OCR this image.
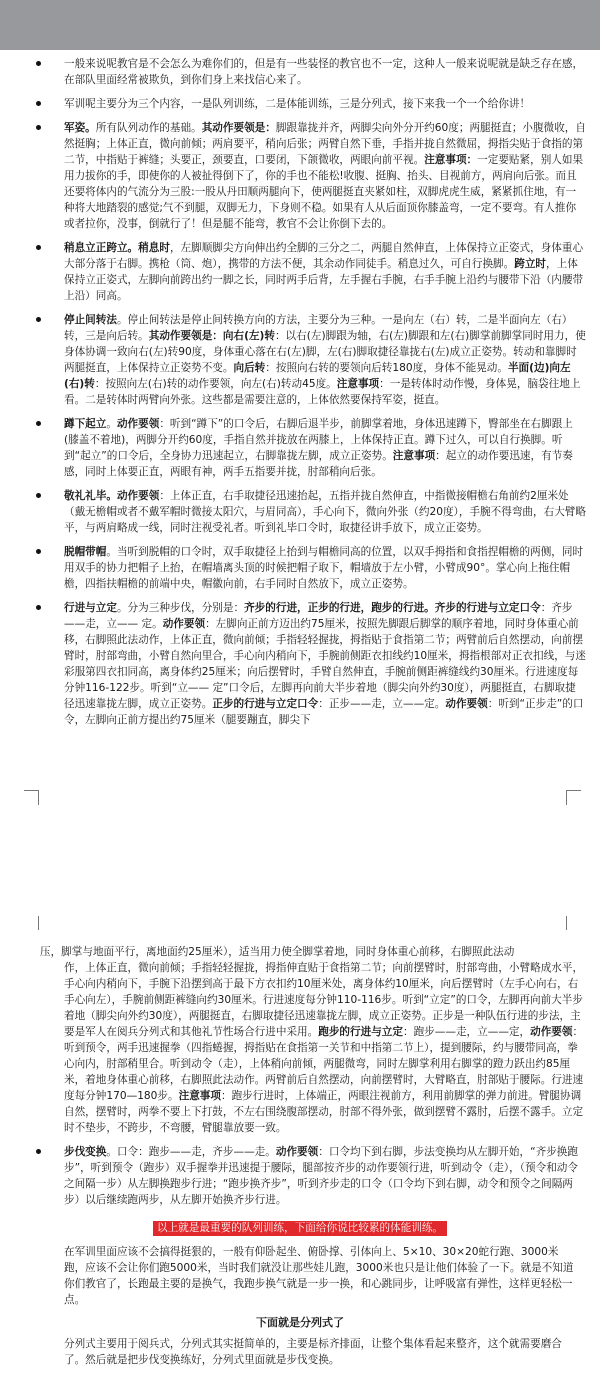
一般来说呢教官是不会怎么为难你们的，但是有一些装怪的教官也不一定，这种人一般来说呢就是缺乏存在感，在部队里面经常被欺负，到你们身上来找信心来了。
军训呢主要分为三个内容，一是队列训练，二是体能训练，三是分列式，接下来我一个一个给你讲！
军姿。所有队列动作的基础。其动作要领是：脚跟靠拢并齐，两脚尖向外分开约60度；两腿挺直；小腹微收，自然挺胸；上体正直，微向前倾；两肩要平，稍向后张；两臂自然下垂，手指并拢自然微屈，拇指尖贴于食指的第二节，中指贴于裤缝；头要正，颈要直，口要闭，下颌微收，两眼向前平视。注意事项：一定要贴紧，别人如果用力拔你的手，即使你的人被扯得倒下了，你的手也不能松!收腹、挺胸、抬头、目视前方，两肩向后张。而且还要将体内的气流分为三股:一股从丹田顺两腿向下，使两腿挺直夹紧如柱，双脚虎虎生威，紧紧抓住地，有一种将大地踏裂的感觉;气不到腿，双脚无力，下身则不稳。如果有人从后面顶你膝盖弯，一定不要弯。有人推你或者拉你，没事，倒就行了！但是腿不能弯，教官不会让你倒下去的。
稍息立正跨立。稍息时，左脚顺脚尖方向伸出约全脚的三分之二，两腿自然伸直，上体保持立正姿式，身体重心大部分落于右脚。携枪（筒、炮），携带的方法不便，其余动作同徒手。稍息过久，可自行换脚。跨立时，上体保持立正姿式，左脚向前跨出约一脚之长，同时两手后背，左手握右手腕，右手手腕上沿约与腰带下沿（内腰带上沿）同高。
停止间转法。停止间转法是停止间转换方向的方法，主要分为三种。一是向左（右）转，二是半面向左（右）转，三是向后转。其动作要领是：向右(左)转：以右(左)脚跟为轴，右(左)脚跟和左(右)脚掌前脚掌同时用力，使身体协调一致向右(左)转90度，身体重心落在右(左)脚，左(右)脚取捷径靠拢右(左)成立正姿势。转动和靠脚时两腿挺直，上体保持立正姿势不变。向后转：按照向右转的要领向后转180度，身体不能晃动。半面(边)向左(右)转：按照向左(右)转的动作要领，向左(右)转动45度。注意事项：一是转体时动作慢，身体晃，脑袋往地上看。二是转体时两臂向外张。这些都是需要注意的，上体依然要保持军姿，挺直。
蹲下起立。动作要领：听到“蹲下”的口令后，右脚后退半步，前脚掌着地，身体迅速蹲下，臀部坐在右脚跟上(膝盖不着地)，两脚分开约60度，手指自然并拢放在两膝上，上体保持正直。蹲下过久，可以自行换脚。听到“起立”的口令后，全身协力迅速起立，右脚靠拢左脚，成立正姿势。注意事项：起立的动作要迅速，有节奏感，同时上体要正直，两眼有神，两手五指要并拢，肘部稍向后张。
敬礼礼毕。动作要领：上体正直，右手取捷径迅速抬起，五指并拢自然伸直，中指微接帽檐右角前约2厘米处（戴无檐帽或者不戴军帽时微接太阳穴，与眉同高），手心向下，微向外张（约20度），手腕不得弯曲，右大臂略平，与两肩略成一线，同时注视受礼者。听到礼毕口令时，取捷径讲手放下，成立正姿势。
脱帽带帽。当听到脱帽的口令时，双手取捷径上抬到与帽檐同高的位置，以双手拇指和食指捏帽檐的两侧，同时用双手的协力把帽子上抬，在帽墙离头顶的时候把帽子取下，帽墙放于左小臂，小臂成90°。掌心向上拖住帽檐，四指扶帽檐的前端中央，帽徽向前，右手同时自然放下，成立正姿势。
行进与立定。分为三种步伐，分别是：齐步的行进，正步的行进，跑步的行进。齐步的行进与立定口令：齐步——走，立—— 定。动作要领：左脚向正前方迈出约75厘米，按照先脚跟后脚掌的顺序着地，同时身体重心前移，右脚照此法动作，上体正直，微向前倾；手指轻轻握拢，拇指贴于食指第二节；两臂前后自然摆动，向前摆臂时，肘部弯曲，小臂自然向里合，手心向内稍向下，手腕前侧距衣扣线约10厘米，拇指根部对正衣扣线，与迷彩服第四衣扣同高，离身体约25厘米；向后摆臂时，手臂自然伸直，手腕前侧距裤缝线约30厘米。行进速度每分钟116-122步。听到“立—— 定”口令后，左脚再向前大半步着地（脚尖向外约30度），两腿挺直，右脚取捷径迅速靠拢左脚，成立正姿势。正步的行进与立定口令：正步——走，立——定。动作要领：听到“正步走”的口令，左脚向正前方提出约75厘米（腿要蹦直，脚尖下
压，脚掌与地面平行，离地面约25厘米），适当用力使全脚掌着地，同时身体重心前移，右脚照此法动
作，上体正直，微向前倾；手指轻轻握拢，拇指伸直贴于食指第二节；向前摆臂时，肘部弯曲，小臂略成水平，手心向内稍向下，手腕下沿摆到高于最下方衣扣约10厘米处，离身体约10厘米，向后摆臂时（左手心向右，右手心向左），手腕前侧距裤缝向约30厘米。行进速度每分钟110-116步。听到“立定”的口令，左脚再向前大半步着地（脚尖向外约30度），两腿挺直，右脚取捷径迅速靠拢左脚，成立正姿势。正步是一种队伍行进的步法，主要是军人在阅兵分列式和其他礼节性场合行进中采用。跑步的行进与立定：跑步——走，立——定，动作要领：听到预令，两手迅速握拳（四指蜷握，拇指贴在食指第一关节和中指第二节上），提到腰际，约与腰带同高，拳心向内，肘部稍里合。听到动令（走），上体稍向前倾，两腿微弯，同时左脚掌利用右脚掌的蹬力跃出约85厘米，着地身体重心前移，右脚照此法动作。两臂前后自然摆动，向前摆臂时，大臂略直，肘部贴于腰际。行进速度每分钟170—180步。注意事项：跑步行进时，上体端正，两眼注视前方，利用前脚掌的弹力前进。臂腿协调自然，摆臂时，两拳不要上下打鼓，不左右围绕腹部摆动，肘部不得外张，做到摆臂不露肘，后摆不露手。立定时不垫步，不跨步，不弯腰，臂腿靠放要一致。
步伐变换。口令：跑步——走，齐步——走。动作要领：口令均下到右脚，步法变换均从左脚开始，“齐步换跑步”，听到预令（跑步）双手握拳并迅速提于腰际，腿部按齐步的动作要领行进，听到动令（走），（预令和动令之间隔一步）从左脚换跑步行进；“跑步换齐步”，听到齐步走的口令（口令均下到右脚，动令和预令之间隔两步）以后继续跑两步，从左脚开始换齐步行进。
以上就是最重要的队列训练，下面给你说比较累的体能训练。
在军训里面应该不会搞得挺狠的，一般有仰卧起坐、俯卧撑、引体向上、5×10、30×20蛇行跑、3000米跑，应该不会让你们跑5000米，当时我们就没让那些娃儿跑，3000米也只是让他们体验了一下。就是不知道你们教官了，长跑最主要的是换气，我跑步换气就是一步一换，和心跳同步，让呼吸富有弹性，这样更轻松一点。
下面就是分列式了
分列式主要用于阅兵式，分列式其实挺简单的，主要是标齐排面，让整个集体看起来整齐，这个就需要磨合了。然后就是把步伐变换练好，分列式里面就是步伐变换。
